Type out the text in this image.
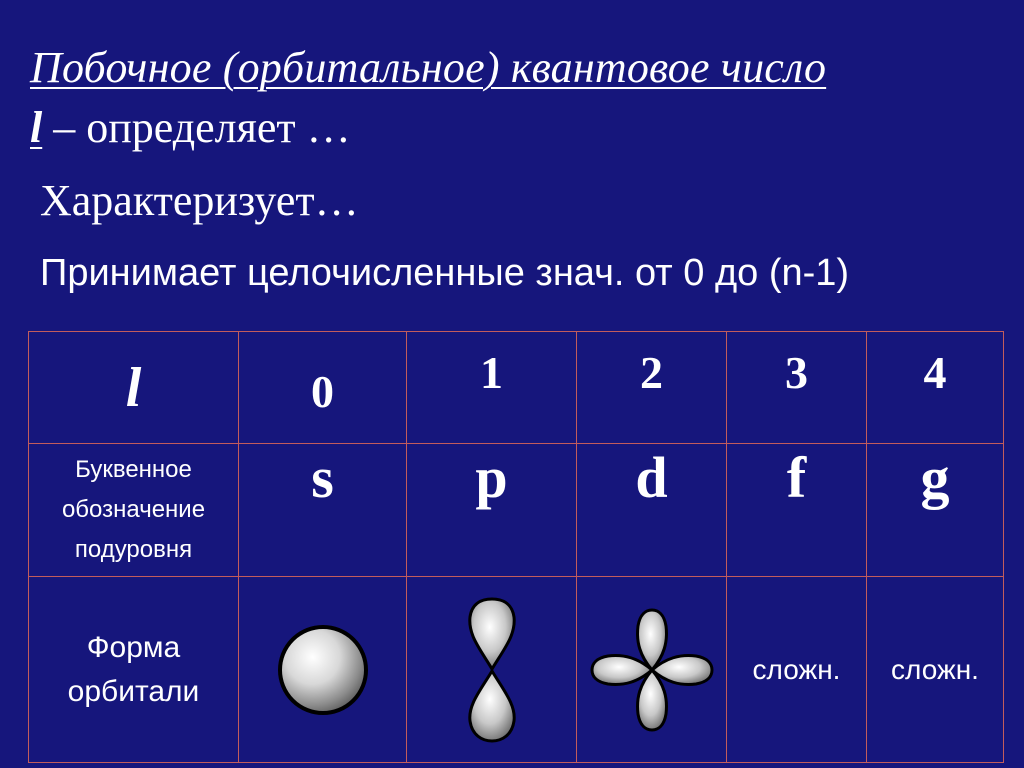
Побочное (орбитальное) квантовое число
l – определяет …
Характеризует…
Принимает целочисленные знач. от 0 до (n-1)
l	0	1	2	3	4

Буквенное
обозначение
подуровня	s	p	d	f	g

Форма
орбитали				сложн.	сложн.
